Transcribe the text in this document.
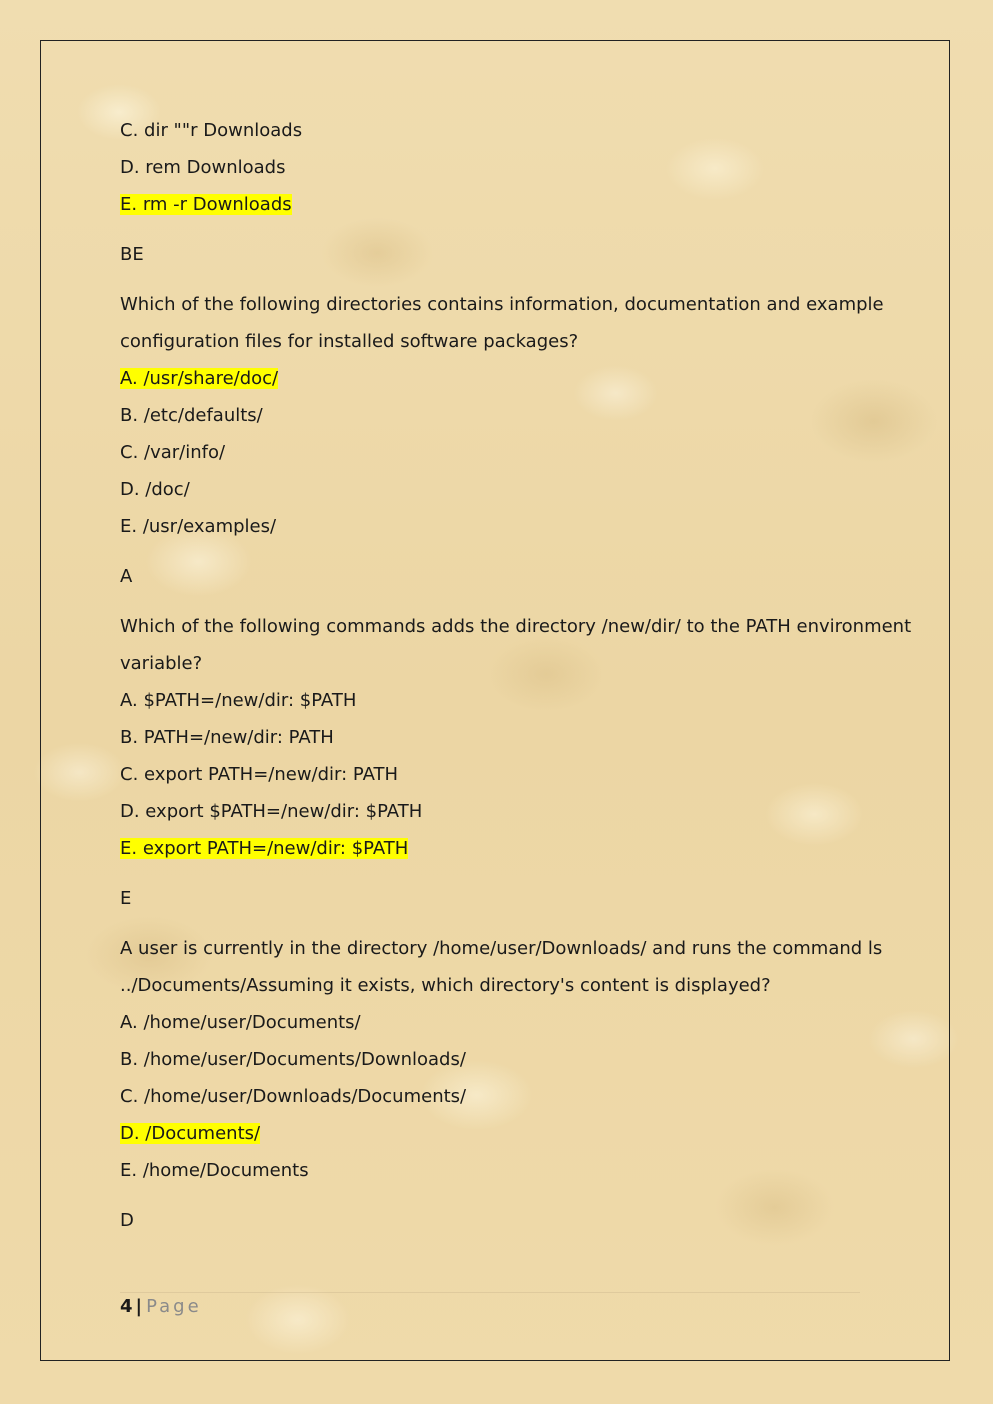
C. dir ""r Downloads
D. rem Downloads
E. rm -r Downloads
BE
Which of the following directories contains information, documentation and example
configuration files for installed software packages?
A. /usr/share/doc/
B. /etc/defaults/
C. /var/info/
D. /doc/
E. /usr/examples/
A
Which of the following commands adds the directory /new/dir/ to the PATH environment
variable?
A. $PATH=/new/dir: $PATH
B. PATH=/new/dir: PATH
C. export PATH=/new/dir: PATH
D. export $PATH=/new/dir: $PATH
E. export PATH=/new/dir: $PATH
E
A user is currently in the directory /home/user/Downloads/ and runs the command ls
../Documents/Assuming it exists, which directory's content is displayed?
A. /home/user/Documents/
B. /home/user/Documents/Downloads/
C. /home/user/Downloads/Documents/
D. /Documents/
E. /home/Documents
D
4 | Page
